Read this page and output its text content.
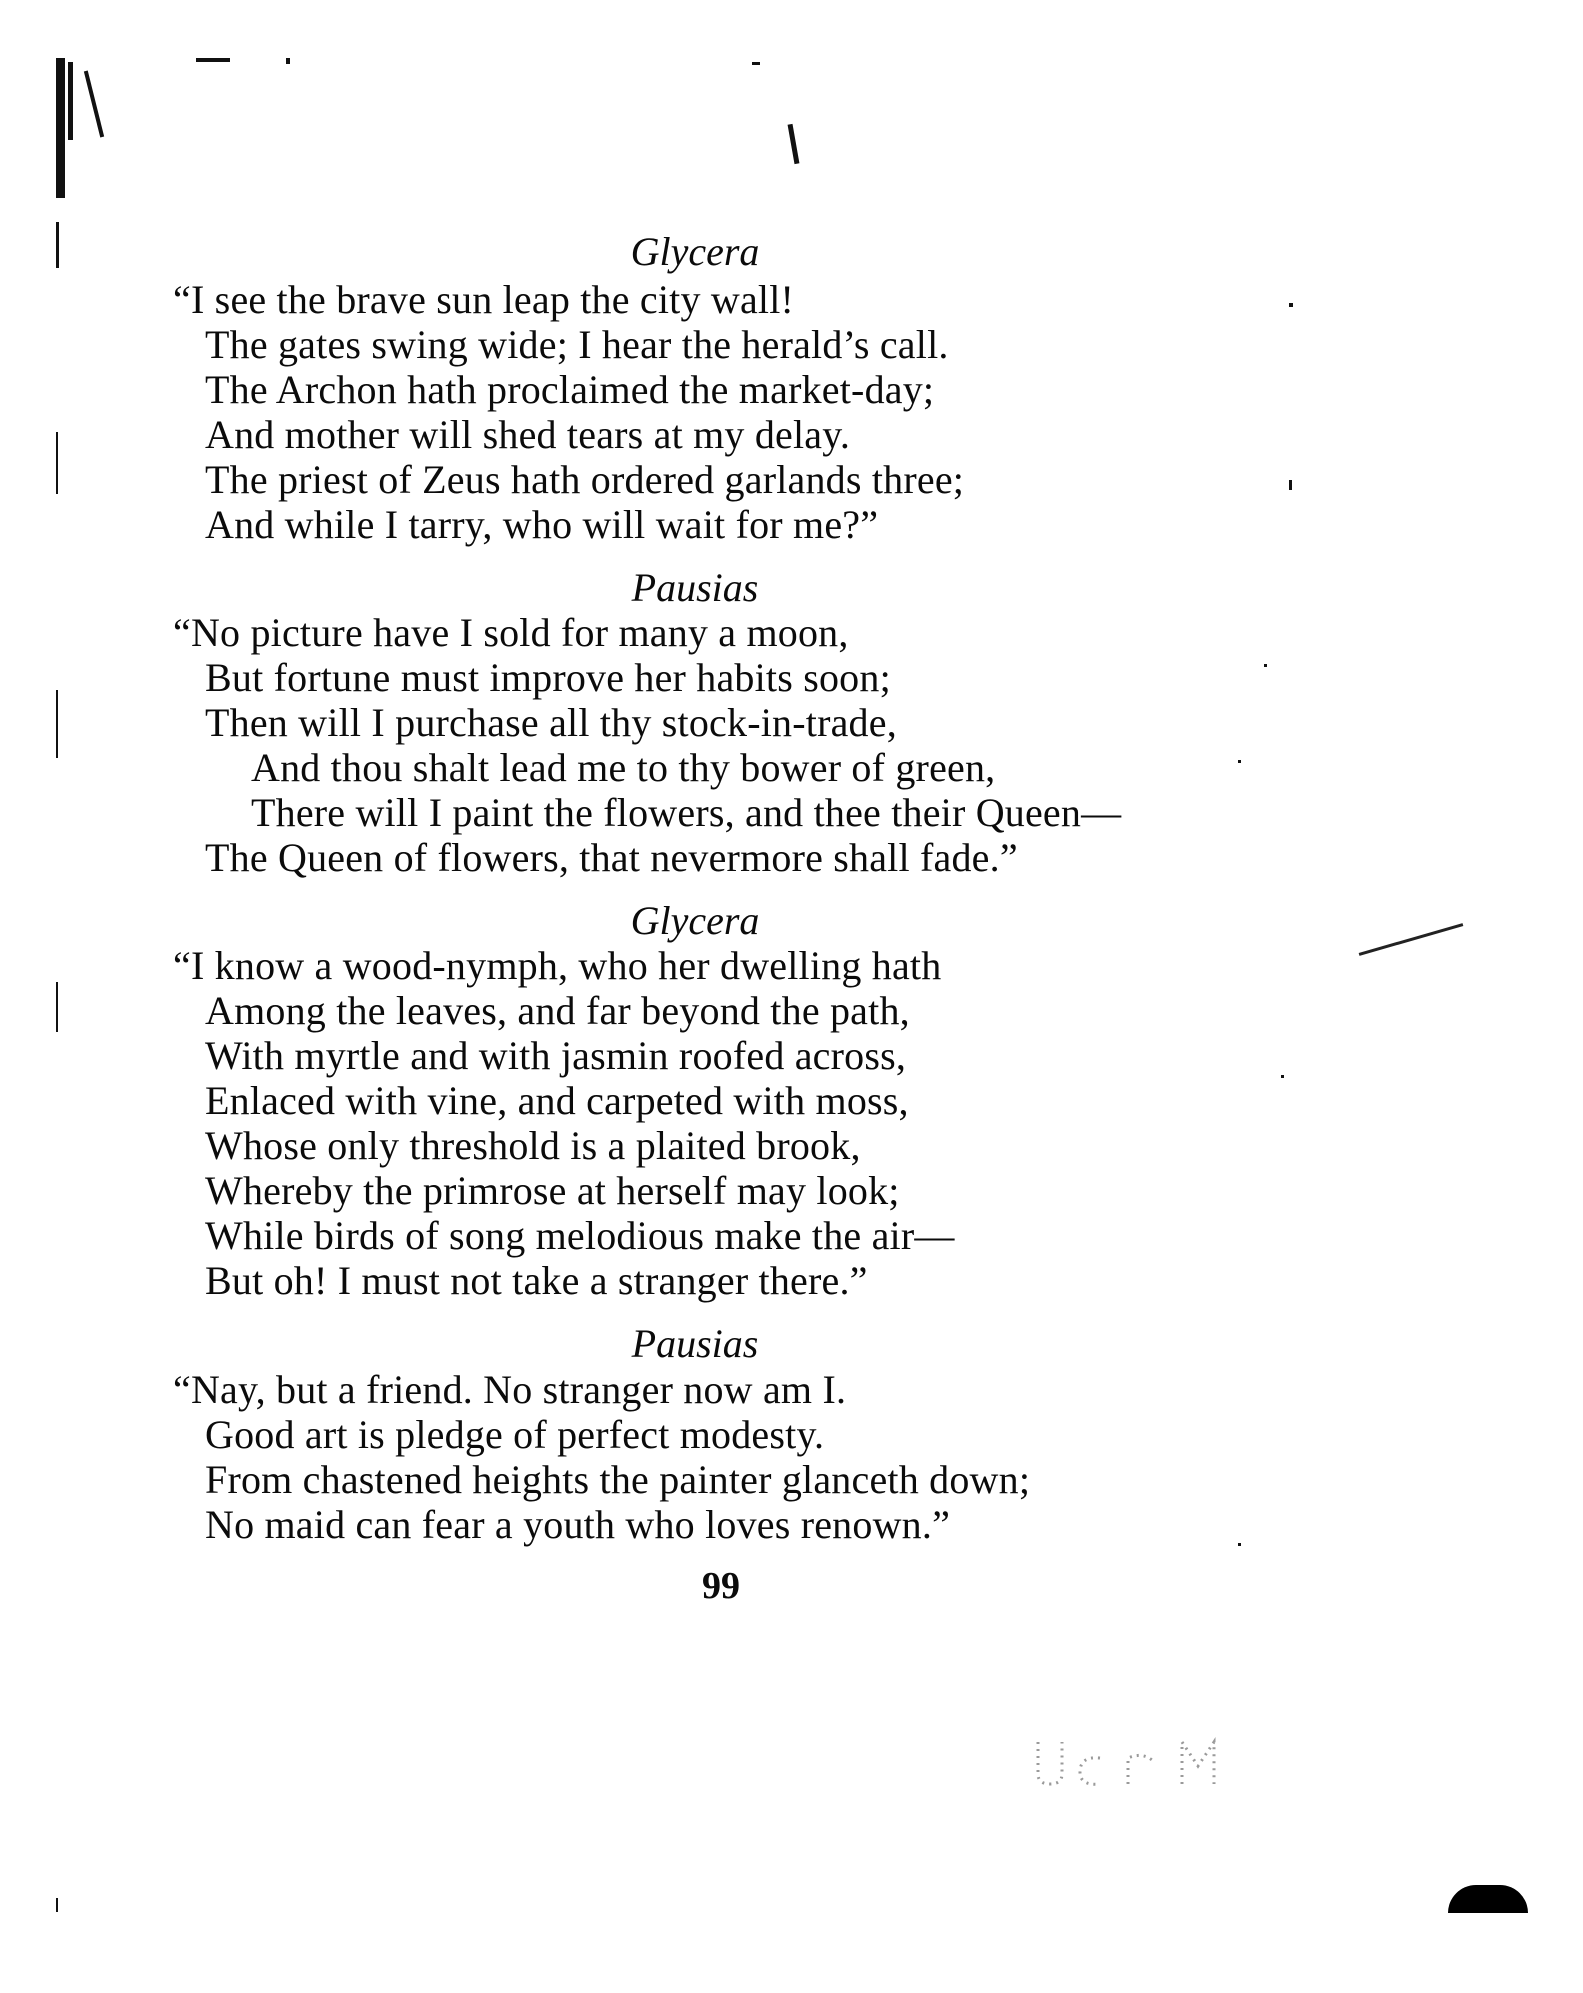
Glycera
“I see the brave sun leap the city wall!
The gates swing wide; I hear the herald’s call.
The Archon hath proclaimed the market-day;
And mother will shed tears at my delay.
The priest of Zeus hath ordered garlands three;
And while I tarry, who will wait for me?”
Pausias
“No picture have I sold for many a moon,
But fortune must improve her habits soon;
Then will I purchase all thy stock-in-trade,
And thou shalt lead me to thy bower of green,
There will I paint the flowers, and thee their Queen—
The Queen of flowers, that nevermore shall fade.”
Glycera
“I know a wood-nymph, who her dwelling hath
Among the leaves, and far beyond the path,
With myrtle and with jasmin roofed across,
Enlaced with vine, and carpeted with moss,
Whose only threshold is a plaited brook,
Whereby the primrose at herself may look;
While birds of song melodious make the air—
But oh! I must not take a stranger there.”
Pausias
“Nay, but a friend. No stranger now am I.
Good art is pledge of perfect modesty.
From chastened heights the painter glanceth down;
No maid can fear a youth who loves renown.”
99
